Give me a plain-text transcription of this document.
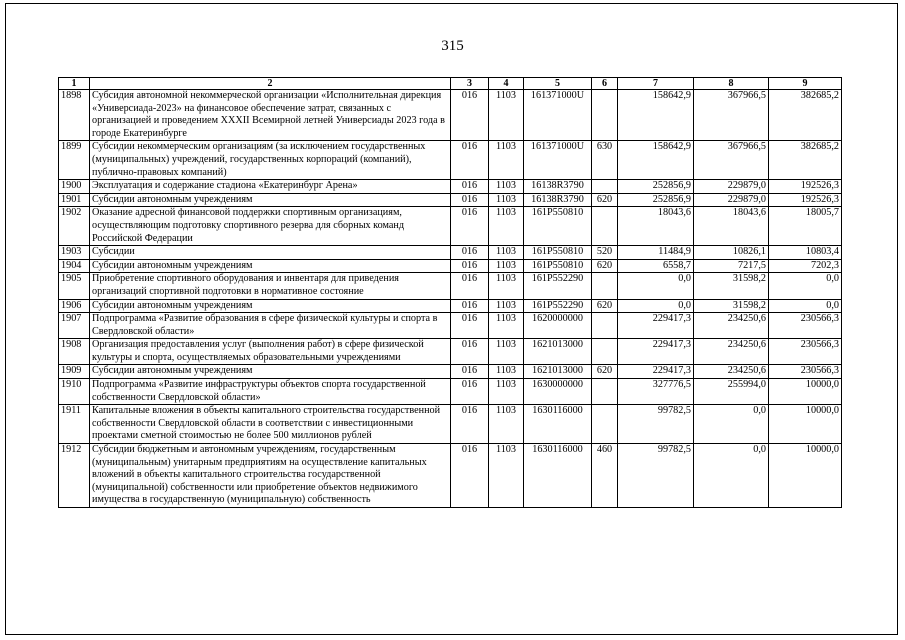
315
1	2	3	4	5	6	7	8	9
1898	Субсидия автономной некоммерческой организации «Исполнительная дирекция «Универсиада-2023» на финансовое обеспечение затрат, связанных с организацией и проведением XXXII Всемирной летней Универсиады 2023 года в городе Екатеринбурге	016	1103	161371000U		158642,9	367966,5	382685,2
1899	Субсидии некоммерческим организациям (за исключением государственных (муниципальных) учреждений, государственных корпораций (компаний), публично-правовых компаний)	016	1103	161371000U	630	158642,9	367966,5	382685,2
1900	Эксплуатация и содержание стадиона «Екатеринбург Арена»	016	1103	16138R3790		252856,9	229879,0	192526,3
1901	Субсидии автономным учреждениям	016	1103	16138R3790	620	252856,9	229879,0	192526,3
1902	Оказание адресной финансовой поддержки спортивным организациям, осуществляющим подготовку спортивного резерва для сборных команд Российской Федерации	016	1103	161P550810		18043,6	18043,6	18005,7
1903	Субсидии	016	1103	161P550810	520	11484,9	10826,1	10803,4
1904	Субсидии автономным учреждениям	016	1103	161P550810	620	6558,7	7217,5	7202,3
1905	Приобретение спортивного оборудования и инвентаря для приведения организаций спортивной подготовки в нормативное состояние	016	1103	161P552290		0,0	31598,2	0,0
1906	Субсидии автономным учреждениям	016	1103	161P552290	620	0,0	31598,2	0,0
1907	Подпрограмма «Развитие образования в сфере физической культуры и спорта в Свердловской области»	016	1103	1620000000		229417,3	234250,6	230566,3
1908	Организация предоставления услуг (выполнения работ) в сфере физической культуры и спорта, осуществляемых образовательными учреждениями	016	1103	1621013000		229417,3	234250,6	230566,3
1909	Субсидии автономным учреждениям	016	1103	1621013000	620	229417,3	234250,6	230566,3
1910	Подпрограмма «Развитие инфраструктуры объектов спорта государственной собственности Свердловской области»	016	1103	1630000000		327776,5	255994,0	10000,0
1911	Капитальные вложения в объекты капитального строительства государственной собственности Свердловской области в соответствии с инвестиционными проектами сметной стоимостью не более 500 миллионов рублей	016	1103	1630116000		99782,5	0,0	10000,0
1912	Субсидии бюджетным и автономным учреждениям, государственным (муниципальным) унитарным предприятиям на осуществление капитальных вложений в объекты капитального строительства государственной (муниципальной) собственности или приобретение объектов недвижимого имущества в государственную (муниципальную) собственность	016	1103	1630116000	460	99782,5	0,0	10000,0
